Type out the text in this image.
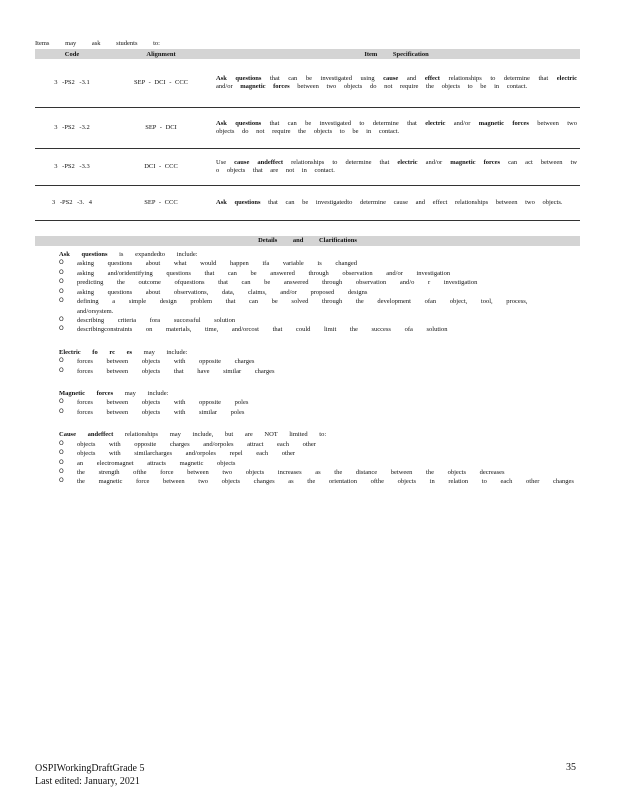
Items may ask students to:
Code	Alignment	Item Specification
3 -PS2 -3.1	SEP - DCI - CCC	Ask questions that can be investigated using cause and effect relationships to determine that electric and/or magnetic forces between two objects do not require the objects to be in contact.
3 -PS2 -3.2	SEP - DCI	Ask questions that can be investigated to determine that electric and/or magnetic forces between two objects do not require the objects to be in contact.
3 -PS2 -3.3	DCI - CCC	Use cause andeffect relationships to determine that electric and/or magnetic forces can act between tw o objects that are not in contact.
3 -PS2 -3. 4	SEP - CCC	Ask questions that can be investigatedto determine cause and effect relationships between two objects.
Details and Clarifications
Ask questions is expandedto include:
O	asking questions about what would happen ifa variable is changed
O	asking and/oridentifying questions that can be answered through observation and/or investigation
O	predicting the outcome ofquestions that can be answered through observation and/o r investigation
O	asking questions about observations, data, claims, and/or proposed designs
O	defining a simple design problem that can be solved through the development ofan object, tool, process, and/orsystem.
O	describing criteria fora successful solution
O	describingconstraints on materials, time, and/orcost that could limit the success ofa solution
Electric fo rc es may include:
O	forces between objects with opposite charges
O	forces between objects that have similar charges
Magnetic forces may include:
O	forces between objects with opposite poles
O	forces between objects with similar poles
Cause andeffect relationships may include, but are NOT limited to:
O	objects with opposite charges and/orpoles attract each other
O	objects with similarcharges and/orpoles repel each other
O	an electromagnet attracts magnetic objects
O	the strength ofthe force between two objects increases as the distance between the objects decreases
O	the magnetic force between two objects changes as the orientation ofthe objects in relation to each other changes
OSPIWorkingDraftGrade 5
Last edited: January, 2021
35
